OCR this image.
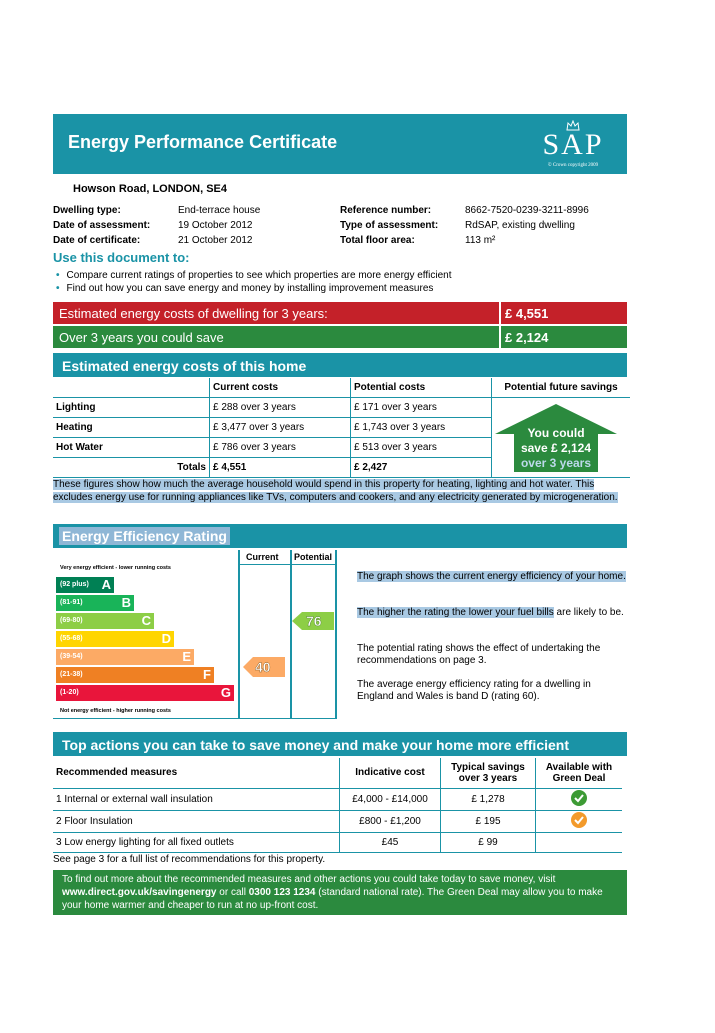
Energy Performance Certificate	SAP
© Crown copyright 2009
Howson Road, LONDON, SE4
Dwelling type:	End-terrace house
Date of assessment:	19 October 2012
Date of certificate:	21 October 2012
Reference number:	8662-7520-0239-3211-8996
Type of assessment:	RdSAP, existing dwelling
Total floor area:	113 m²
Use this document to:
• Compare current ratings of properties to see which properties are more energy efficient
• Find out how you can save energy and money by installing improvement measures
Estimated energy costs of dwelling for 3 years:	£ 4,551
Over 3 years you could save	£ 2,124
Estimated energy costs of this home
	Current costs	Potential costs	Potential future savings
Lighting	£ 288 over 3 years	£ 171 over 3 years	
Heating	£ 3,477 over 3 years	£ 1,743 over 3 years	
Hot Water	£ 786 over 3 years	£ 513 over 3 years	
Totals	£ 4,551	£ 2,427	
You could
save £ 2,124
over 3 years
These figures show how much the average household would spend in this property for heating, lighting and hot water. This excludes energy use for running appliances like TVs, computers and cookers, and any electricity generated by microgeneration.
Energy Efficiency Rating
Current Potential
Very energy efficient - lower running costs
Not energy efficient - higher running costs
(92 plus) A
(81-91)	B
(69-80)	C
(55-68)	D
(39-54)	E
(21-38)	F
(1-20)	G
40
76
The graph shows the current energy efficiency of your home.
The higher the rating the lower your fuel bills are likely to be.
The potential rating shows the effect of undertaking the recommendations on page 3.
The average energy efficiency rating for a dwelling in England and Wales is band D (rating 60).
Top actions you can take to save money and make your home more efficient
Recommended measures	Indicative cost	Typical savings over 3 years	Available with Green Deal
1 Internal or external wall insulation	£4,000 - £14,000	£ 1,278	
2 Floor Insulation	£800 - £1,200	£ 195	
3 Low energy lighting for all fixed outlets	£45	£ 99	
See page 3 for a full list of recommendations for this property.
To find out more about the recommended measures and other actions you could take today to save money, visit www.direct.gov.uk/savingenergy or call 0300 123 1234 (standard national rate). The Green Deal may allow you to make your home warmer and cheaper to run at no up-front cost.
